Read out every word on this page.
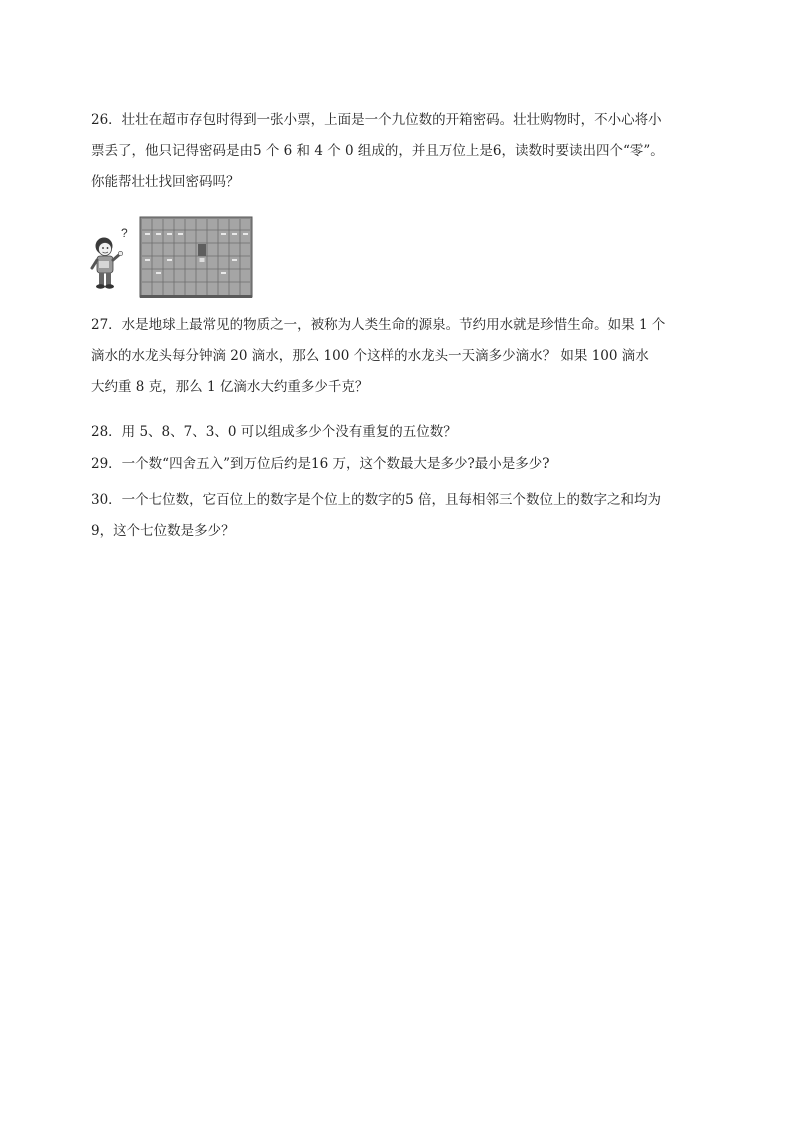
26．壮壮在超市存包时得到一张小票，上面是一个九位数的开箱密码。壮壮购物时，不小心将小

票丢了，他只记得密码是由5 个 6 和 4 个 0 组成的，并且万位上是6，读数时要读出四个“零”。

你能帮壮壮找回密码吗？

?

27．水是地球上最常见的物质之一，被称为人类生命的源泉。节约用水就是珍惜生命。如果 1 个

滴水的水龙头每分钟滴 20 滴水，那么 100 个这样的水龙头一天滴多少滴水？ 如果 100 滴水

大约重 8 克，那么 1 亿滴水大约重多少千克？

28．用 5、8、7、3、0 可以组成多少个没有重复的五位数？

29．一个数“四舍五入”到万位后约是16 万，这个数最大是多少?最小是多少?

30．一个七位数，它百位上的数字是个位上的数字的5 倍，且每相邻三个数位上的数字之和均为

9，这个七位数是多少？
